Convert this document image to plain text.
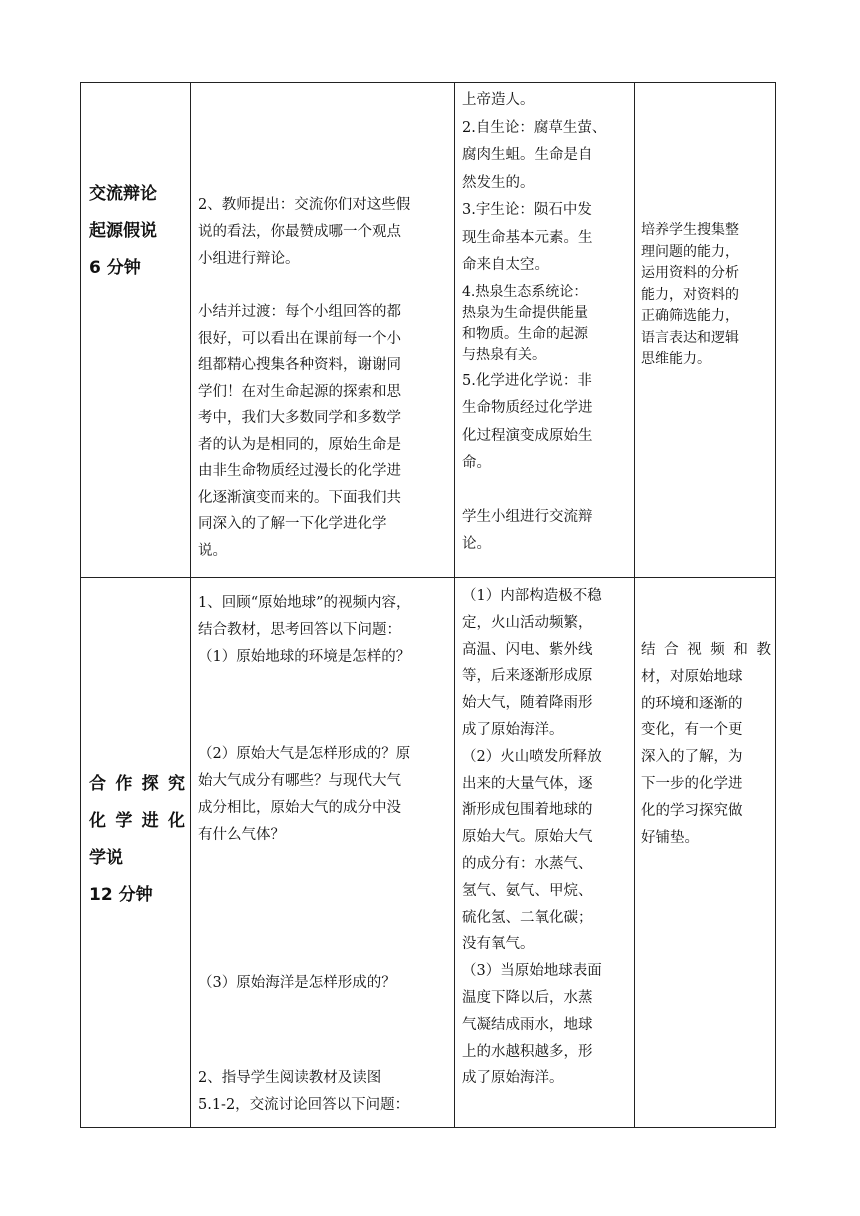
交流辩论
起源假说
6 分钟
2、教师提出：交流你们对这些假
说的看法，你最赞成哪一个观点
小组进行辩论。
小结并过渡：每个小组回答的都
很好，可以看出在课前每一个小
组都精心搜集各种资料，谢谢同
学们！在对生命起源的探索和思
考中，我们大多数同学和多数学
者的认为是相同的，原始生命是
由非生命物质经过漫长的化学进
化逐渐演变而来的。下面我们共
同深入的了解一下化学进化学
说。
上帝造人。
2.自生论：腐草生萤、
腐肉生蛆。生命是自
然发生的。
3.宇生论：陨石中发
现生命基本元素。生
命来自太空。
4.热泉生态系统论：
热泉为生命提供能量
和物质。生命的起源
与热泉有关。
5.化学进化学说：非
生命物质经过化学进
化过程演变成原始生
命。
学生小组进行交流辩
论。
培养学生搜集整
理问题的能力，
运用资料的分析
能力，对资料的
正确筛选能力，
语言表达和逻辑
思维能力。
合作探究
化学进化
学说
12 分钟
1、回顾“原始地球”的视频内容，
结合教材，思考回答以下问题：
（1）原始地球的环境是怎样的？
（2）原始大气是怎样形成的？原
始大气成分有哪些？与现代大气
成分相比，原始大气的成分中没
有什么气体？
（3）原始海洋是怎样形成的？
2、指导学生阅读教材及读图
5.1-2，交流讨论回答以下问题：
（1）内部构造极不稳
定，火山活动频繁，
高温、闪电、紫外线
等，后来逐渐形成原
始大气，随着降雨形
成了原始海洋。
（2）火山喷发所释放
出来的大量气体，逐
渐形成包围着地球的
原始大气。原始大气
的成分有：水蒸气、
氢气、氨气、甲烷、
硫化氢、二氧化碳；
没有氧气。
（3）当原始地球表面
温度下降以后，水蒸
气凝结成雨水，地球
上的水越积越多，形
成了原始海洋。
结合视频和教
材，对原始地球
的环境和逐渐的
变化，有一个更
深入的了解，为
下一步的化学进
化的学习探究做
好铺垫。
